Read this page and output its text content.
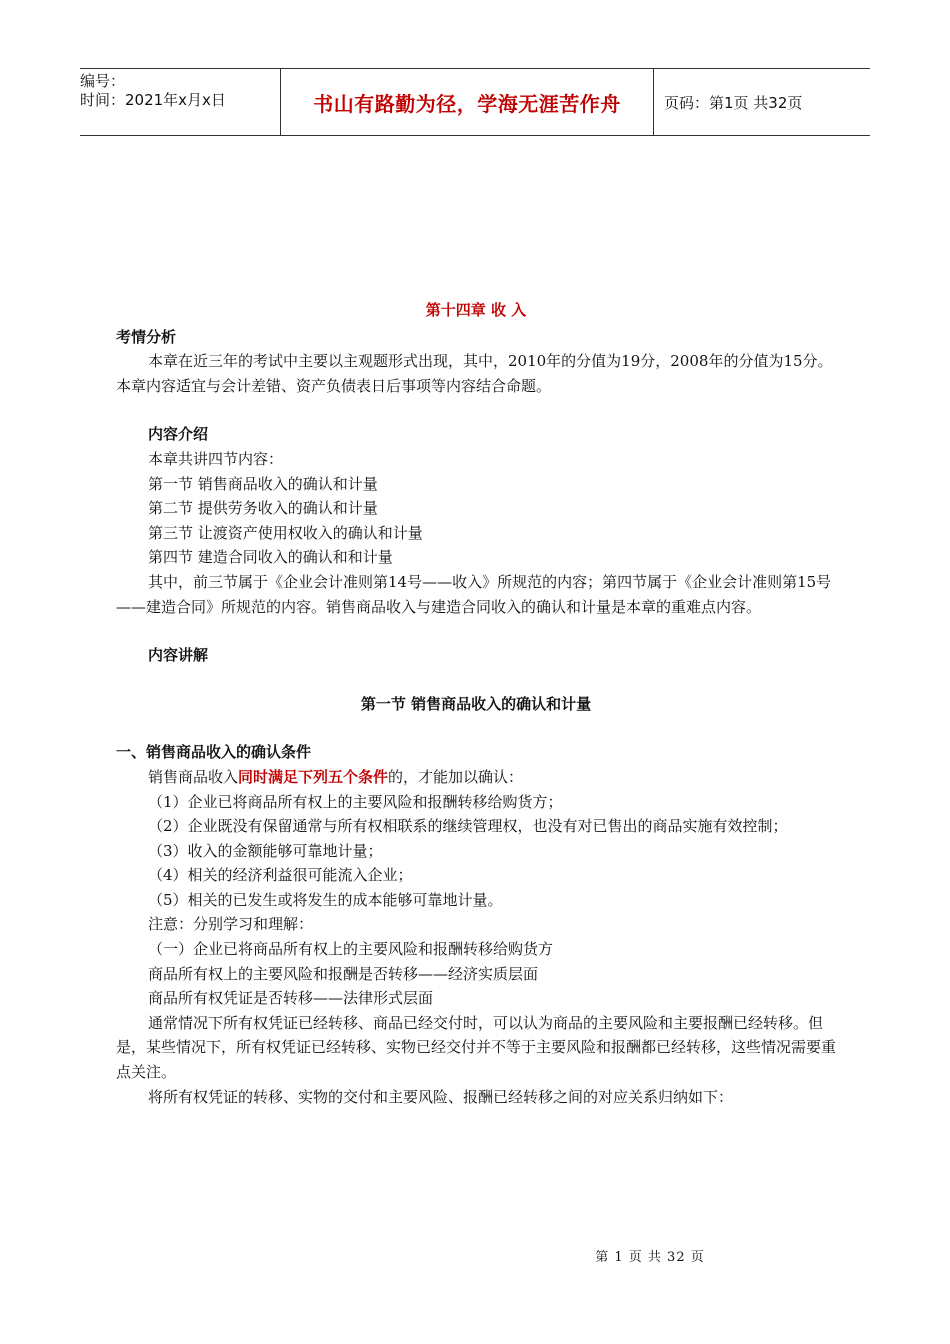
编号：
时间：2021年x月x日	书山有路勤为径，学海无涯苦作舟	页码：第1页 共32页

第十四章 收 入

考情分析

本章在近三年的考试中主要以主观题形式出现，其中，2010年的分值为19分，2008年的分值为15分。本章内容适宜与会计差错、资产负债表日后事项等内容结合命题。

内容介绍

本章共讲四节内容：

第一节 销售商品收入的确认和计量

第二节 提供劳务收入的确认和计量

第三节 让渡资产使用权收入的确认和计量

第四节 建造合同收入的确认和和计量

其中，前三节属于《企业会计准则第14号——收入》所规范的内容；第四节属于《企业会计准则第15号——建造合同》所规范的内容。销售商品收入与建造合同收入的确认和计量是本章的重难点内容。

内容讲解

第一节 销售商品收入的确认和计量

一、销售商品收入的确认条件

销售商品收入同时满足下列五个条件的，才能加以确认：

（1）企业已将商品所有权上的主要风险和报酬转移给购货方；

（2）企业既没有保留通常与所有权相联系的继续管理权，也没有对已售出的商品实施有效控制；

（3）收入的金额能够可靠地计量；

（4）相关的经济利益很可能流入企业；

（5）相关的已发生或将发生的成本能够可靠地计量。

注意：分别学习和理解：

（一）企业已将商品所有权上的主要风险和报酬转移给购货方

商品所有权上的主要风险和报酬是否转移——经济实质层面

商品所有权凭证是否转移——法律形式层面

通常情况下所有权凭证已经转移、商品已经交付时，可以认为商品的主要风险和主要报酬已经转移。但是，某些情况下，所有权凭证已经转移、实物已经交付并不等于主要风险和报酬都已经转移，这些情况需要重点关注。

将所有权凭证的转移、实物的交付和主要风险、报酬已经转移之间的对应关系归纳如下：

第 1 页 共 32 页
